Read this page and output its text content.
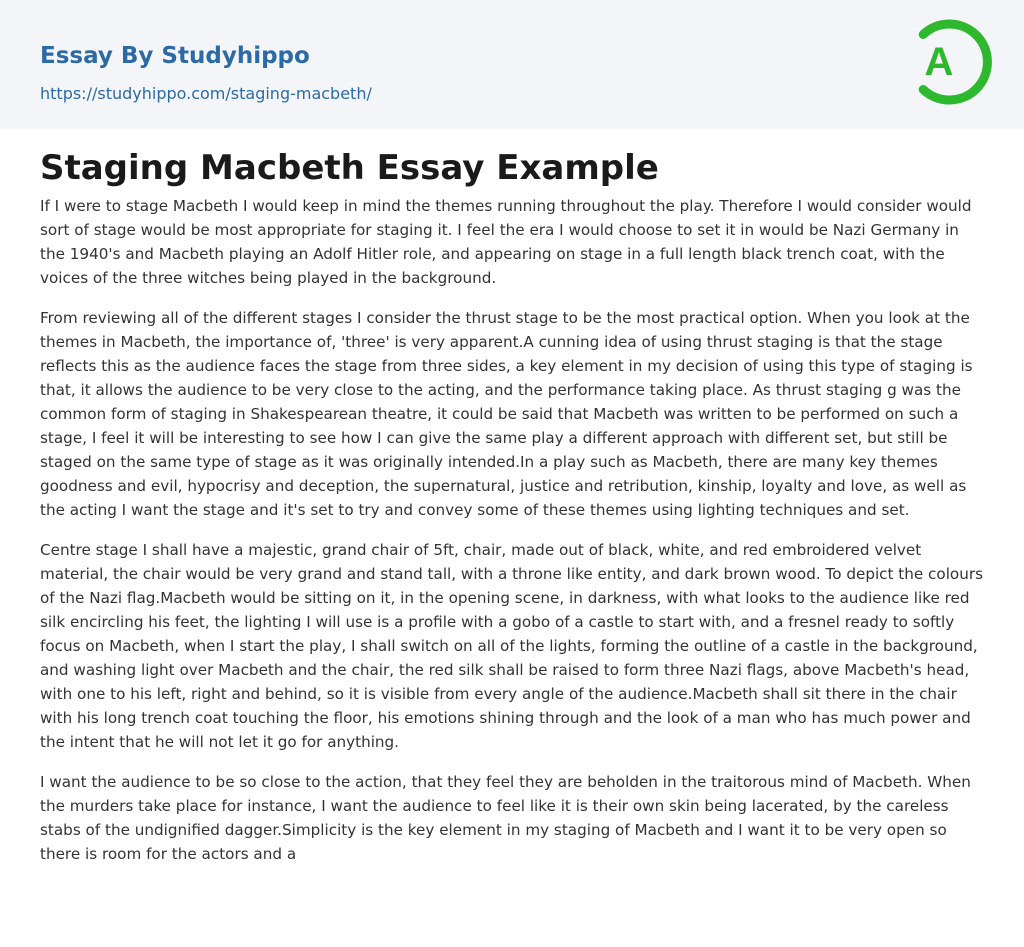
Essay By Studyhippo
https://studyhippo.com/staging-macbeth/
A
Staging Macbeth Essay Example

If I were to stage Macbeth I would keep in mind the themes running throughout the play. Therefore I would consider would sort of stage would be most appropriate for staging it. I feel the era I would choose to set it in would be Nazi Germany in the 1940's and Macbeth playing an Adolf Hitler role, and appearing on stage in a full length black trench coat, with the voices of the three witches being played in the background.

From reviewing all of the different stages I consider the thrust stage to be the most practical option. When you look at the themes in Macbeth, the importance of, 'three' is very apparent.A cunning idea of using thrust staging is that the stage reflects this as the audience faces the stage from three sides, a key element in my decision of using this type of staging is that, it allows the audience to be very close to the acting, and the performance taking place. As thrust staging g was the common form of staging in Shakespearean theatre, it could be said that Macbeth was written to be performed on such a stage, I feel it will be interesting to see how I can give the same play a different approach with different set, but still be staged on the same type of stage as it was originally intended.In a play such as Macbeth, there are many key themes goodness and evil, hypocrisy and deception, the supernatural, justice and retribution, kinship, loyalty and love, as well as the acting I want the stage and it's set to try and convey some of these themes using lighting techniques and set.

Centre stage I shall have a majestic, grand chair of 5ft, chair, made out of black, white, and red embroidered velvet material, the chair would be very grand and stand tall, with a throne like entity, and dark brown wood. To depict the colours of the Nazi flag.Macbeth would be sitting on it, in the opening scene, in darkness, with what looks to the audience like red silk encircling his feet, the lighting I will use is a profile with a gobo of a castle to start with, and a fresnel ready to softly focus on Macbeth, when I start the play, I shall switch on all of the lights, forming the outline of a castle in the background, and washing light over Macbeth and the chair, the red silk shall be raised to form three Nazi flags, above Macbeth's head, with one to his left, right and behind, so it is visible from every angle of the audience.Macbeth shall sit there in the chair with his long trench coat touching the floor, his emotions shining through and the look of a man who has much power and the intent that he will not let it go for anything.

I want the audience to be so close to the action, that they feel they are beholden in the traitorous mind of Macbeth. When the murders take place for instance, I want the audience to feel like it is their own skin being lacerated, by the careless stabs of the undignified dagger.Simplicity is the key element in my staging of Macbeth and I want it to be very open so there is room for the actors and a
